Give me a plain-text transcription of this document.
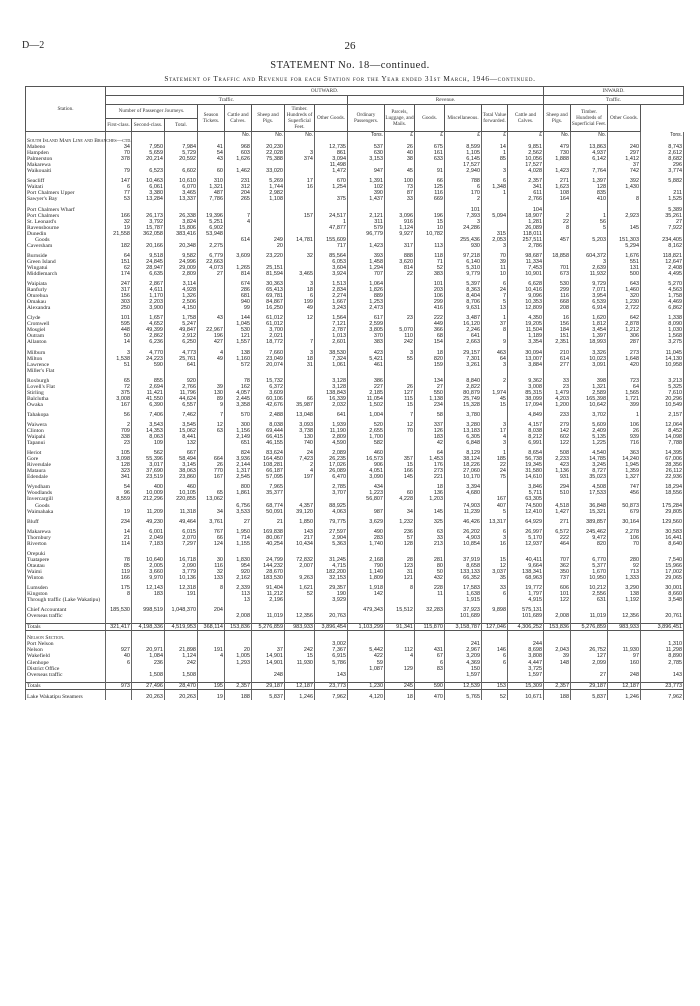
D—2	26
STATEMENT No. 18—continued.
Statement of Traffic and Revenue for each Station for the Year ended 31st March, 1946—continued.
Station.	OUTWARD.														INWARD.			
	Traffic.								Revenue.						Traffic.			
	Number of Passenger Journeys.			Season Tickets.	Cattle and Calves.	Sheep and Pigs.	Timber. Hundreds of Superficial Feet.	Other Goods.	Ordinary Passengers.	Parcels, Luggage, and Mails.	Goods.	Miscellaneous.	Total Value forwarded.	Cattle and Calves.	Sheep and Pigs.	Timber. Hundreds of Superficial Feet.	Other Goods.	
	First-class.	Second-class.	Total.															
					No.	No.	No.		Tons.	£	£	£	£	£	No.	No.		Tons.
South Island Main Line and Branches—ctd.																		
Mabeno	34	7,950	7,984	41	968	20,230		12,735	537	26	675	8,599	14	9,851	479	13,863	240	8,743
Hampden	70	5,659	5,729	54	603	22,028	3	861	630	40	161	1,105	1	2,562	730	4,937	297	2,612
Palmerston	378	20,214	20,592	43	1,626	75,388	374	3,094	3,153	38	633	6,145	85	10,056	1,888	6,142	1,412	8,682
Makarewa								11,498				17,527		17,527			37	296
Waikouaiti	79	6,523	6,602	60	1,462	33,020		1,472	947	45	91	2,940	3	4,028	1,423	7,764	742	3,774

Seacliff	147	10,463	10,610	310	231	5,269	17	670	1,391	100	66	788	6	2,357	271	1,397	392	5,882
Waitati	6	6,061	6,070	1,321	312	1,744	16	1,254	102	73	125	6	1,348	341	1,623	128	1,430	
Port Chalmers Upper	77	3,380	3,465	487	204	2,982			390	87	116	170	1	611	108	835		211
Sawyer's Bay	53	13,284	13,337	7,786	265	1,108		375	1,437	33	669	2		2,766	164	410	8	1,525

Port Chalmers Wharf												101		104				5,389
Port Chalmers	166	26,173	26,338	19,396	7		157	24,517	2,121	3,096	196	7,393	5,094	18,907	2	1	2,923	35,261
St. Leonard's	32	3,792	3,824	5,251	4			1	311	916	15	3		1,281	22	56		27
Ravensbourne	19	15,787	15,806	6,902				47,877	579	1,124	10	24,286		26,089	8	5	145	7,922
Dunedin	21,558	362,058	383,416	53,948					96,779	9,927	10,782		315	118,011				
Goods					614	249	14,781	155,609				255,436	2,053	257,511	457	5,203	151,303	234,405
Caversham	182	20,166	20,348	2,275		20		717	1,423	317	113	930	3	2,786			5,294	8,162

Burnside	64	9,518	9,582	6,779	3,609	23,220	32	85,564	393	888	118	97,218	70	98,687	18,858	604,372	1,676	118,821
Green Island	151	24,845	24,996	22,663				6,053	1,458	3,620	71	6,140	39	11,334		3	551	12,647
Wingatui	62	28,947	29,009	4,073	1,265	25,151		3,604	1,294	814	52	5,310	11	7,453	701	2,639	131	2,408
Middlemarch	174	6,635	2,809	27	814	81,594	3,465	3,924	707	22	383	9,779	10	10,901	673	11,932	500	4,495

Waipiata	247	2,867	3,114		674	30,363	3	1,513	1,064		101	5,397	6	6,628	530	9,729	643	5,270
Ranfurly	317	4,611	4,928		286	65,413	18	2,834	1,826		203	8,363	24	10,416	299	7,071	1,460	4,563
Oturehua	156	1,170	1,326		681	69,781	6	2,274	889		106	8,404	7	9,096	116	3,954	320	1,758
Omakau	303	2,203	2,506		940	84,867	199	1,667	1,253		299	8,706	5	10,353	668	6,539	1,230	4,469
Alexandra	250	3,900	4,150		99	16,250	49	3,243	2,473		416	9,631	13	12,809	208	6,914	2,722	6,862

Clyde	101	1,657	1,758	43	144	61,012	12	1,564	617	23	222	3,487	1	4,350	16	1,620	642	1,338
Cromwell	595	4,652	5,247		1,045	61,012		7,121	2,599		449	16,120	37	19,205	156	1,812	2,878	8,090
Mosgiel	448	49,399	49,847	22,967	530	3,700		2,787	3,805	5,070	366	2,246	8	11,504	184	3,454	1,212	1,030
Outram	50	2,862	2,912	196	121	2,021		1,013	370	110	68	641		1,189	151	1,397	306	1,568
Allanton	14	6,236	6,250	427	1,557	18,772	7	2,601	383	242	154	2,663	9	3,354	2,351	18,993	287	3,275

Milburn	3	4,770	4,773	4	138	7,660	3	38,530	423	3	18	29,157	463	30,094	210	3,326	273	11,045
Milton	1,538	24,223	25,761	49	1,160	23,049	18	7,324	5,421	55	820	7,301	64	13,007	614	10,023	1,648	14,130
Lawrence	51	590	641		572	20,074	31	1,061	461		159	3,261	3	3,884	277	3,091	420	10,958
Miller's Flat																		

Roxburgh	65	855	920		78	15,732		3,128	386		134	8,840	2	9,362	33	398	723	3,213
Lovell's Flat	72	2,694	2,766	39	162	6,372		3,128	227	26	27	2,822		3,008	23	1,321	64	5,325
Stirling	375	11,421	11,796	130	4,057	3,609		138,843	2,185	127	550	80,879	1,974	85,315	1,479	2,589	1,565	7,610
Balclutha	3,008	41,550	44,624	89	2,445	60,106	66	16,339	11,054	115	1,138	25,749	45	38,099	4,203	165,398	1,721	20,296
Owaka	167	6,390	6,557	9	3,358	42,676	35,987	2,032	1,502	15	234	15,328	15	17,094	1,200	10,642	399	10,549

Tahakopa	56	7,406	7,462	7	570	2,488	13,048	641	1,004	7	58	3,780		4,849	233	3,702	1	2,157

Waiwera	2	3,543	3,545	12	300	8,038	3,093	1,939	520	12	337	3,280	3	4,157	279	5,609	106	12,064
Clinton	709	14,353	15,062	63	1,156	69,444	3,738	11,190	2,655	70	126	13,183	17	8,038	142	2,409	26	8,452
Waipahi	338	8,063	8,441		2,149	66,415	130	2,809	1,700		183	6,305	4	8,212	602	5,135	939	14,098
Tapanui	23	109	132		651	46,155	740	4,590	582		42	6,848	3	6,991	122	1,225	716	7,788

Heriot	105	562	667		824	83,624	24	2,089	460		64	8,129	1	8,654	508	4,540	363	14,395
Gore	3,098	55,396	58,494	664	3,936	164,450	7,423	26,235	16,573	357	1,453	38,124	185	56,738	2,233	14,785	14,240	67,006
Riversdale	128	3,017	3,145	26	2,144	108,281	2	17,026	906	15	176	18,226	22	19,345	423	3,245	1,945	28,356
Mataura	323	37,690	38,063	770	1,317	66,187	4	26,089	4,051	166	273	27,060	24	31,580	1,136	8,727	1,359	26,112
Edendale	341	23,519	23,860	167	2,545	57,095	197	6,470	3,090	145	221	10,170	75	14,610	931	35,023	1,327	22,936

Wyndham	54	400	460		800	7,965		2,785	434		18	3,394		3,846	294	4,508	747	18,294
Woodlands	96	10,009	10,105	65	1,861	35,377		3,707	1,223	60	136	4,680		5,711	510	17,533	456	18,556
Invercargill	8,559	212,296	220,855	13,062					56,807	4,228	1,203		167	63,305				
Goods					6,756	68,774	4,357	88,925				74,903	407	74,500	4,518	36,848	50,873	175,284
Waimahaka	19	11,209	11,318	34	3,533	50,091	39,120	4,063	987	34	145	11,239	5	12,410	1,427	15,321	679	29,805

Bluff	234	49,230	49,464	3,761	27	21	1,850	79,775	3,629	1,232	325	46,426	13,317	64,929	271	389,857	30,164	129,560

Makarewa	14	6,001	6,015	767	1,950	169,838	143	27,597	490	236	63	26,202	6	26,997	6,572	245,462	2,278	30,583
Thornbury	21	2,049	2,070	66	714	80,067	217	2,904	283	57	33	4,903	3	5,170	222	9,472	106	16,441
Riverton	114	7,183	7,297	124	1,155	40,254	10,434	5,363	1,740	128	213	10,854	16	12,937	464	820	70	8,640

Orepuki																		
Tuatapere	78	10,640	16,718	30	1,830	24,799	72,832	31,245	2,168	28	281	37,919	15	40,411	707	6,770	280	7,540
Otautau	85	2,005	2,090	116	954	144,232	2,007	4,715	790	123	80	8,658	12	9,664	362	5,377	92	15,966
Waimi	119	3,660	3,779	32	920	28,670		182,200	1,140	31	50	133,133	3,037	138,341	350	1,670	713	17,002
Winton	166	9,970	10,136	133	2,162	183,530	9,263	32,153	1,809	121	432	66,352	35	68,963	737	10,950	1,333	29,065

Lumsden	175	12,143	12,318	8	2,339	91,404	1,621	29,357	1,918	8	228	17,583	33	19,772	606	10,212	3,290	30,001
Kingston	8	183	191		113	11,212	52	190	142		11	1,638	6	1,797	101	2,556	138	8,660
Through traffic (Lake Wakatipu)					13	2,196		3,929				1,915		4,915	122	631	1,192	3,548

Chief Accountant	185,530	998,519	1,048,370	204					479,343	15,512	32,283	37,923	9,898	575,131				
Overseas traffic					2,008	11,019	12,356	20,763				101,689		101,689	2,008	11,019	12,356	20,761

Totals	321,417	4,198,336	4,519,953	368,114	153,836	5,276,859	983,933	3,896,454	1,103,299	91,341	115,870	3,158,787	127,046	4,306,252	153,836	5,276,859	983,933	3,896,451

Nelson Section.																		
Port Nelson								3,002				241		244				1,310
Nelson	927	20,971	21,898	191	20	37	242	7,367	5,442	112	431	2,967	146	8,698	2,043	26,752	11,930	11,298
Wakefield	40	1,084	1,124	4	1,005	14,901	15	6,915	422	4	67	3,209	6	3,808	39	127	97	8,890
Glenhope	6	236	242		1,293	14,901	11,930	5,786	59		6	4,369	6	4,447	148	2,099	160	2,785
District Office									1,087	129	83	150		3,725				
Overseas traffic		1,508	1,508			248		143				1,597		1,597		27	248	143

Totals	973	27,496	28,470	195	2,357	29,187	12,187	23,773	1,230	245	590	12,539	153	15,309	2,357	29,187	12,187	23,773

Lake Wakatipu Steamers		20,263	20,263	19	188	5,837	1,246	7,962	4,120	18	470	5,765	52	10,671	188	5,837	1,246	7,962
